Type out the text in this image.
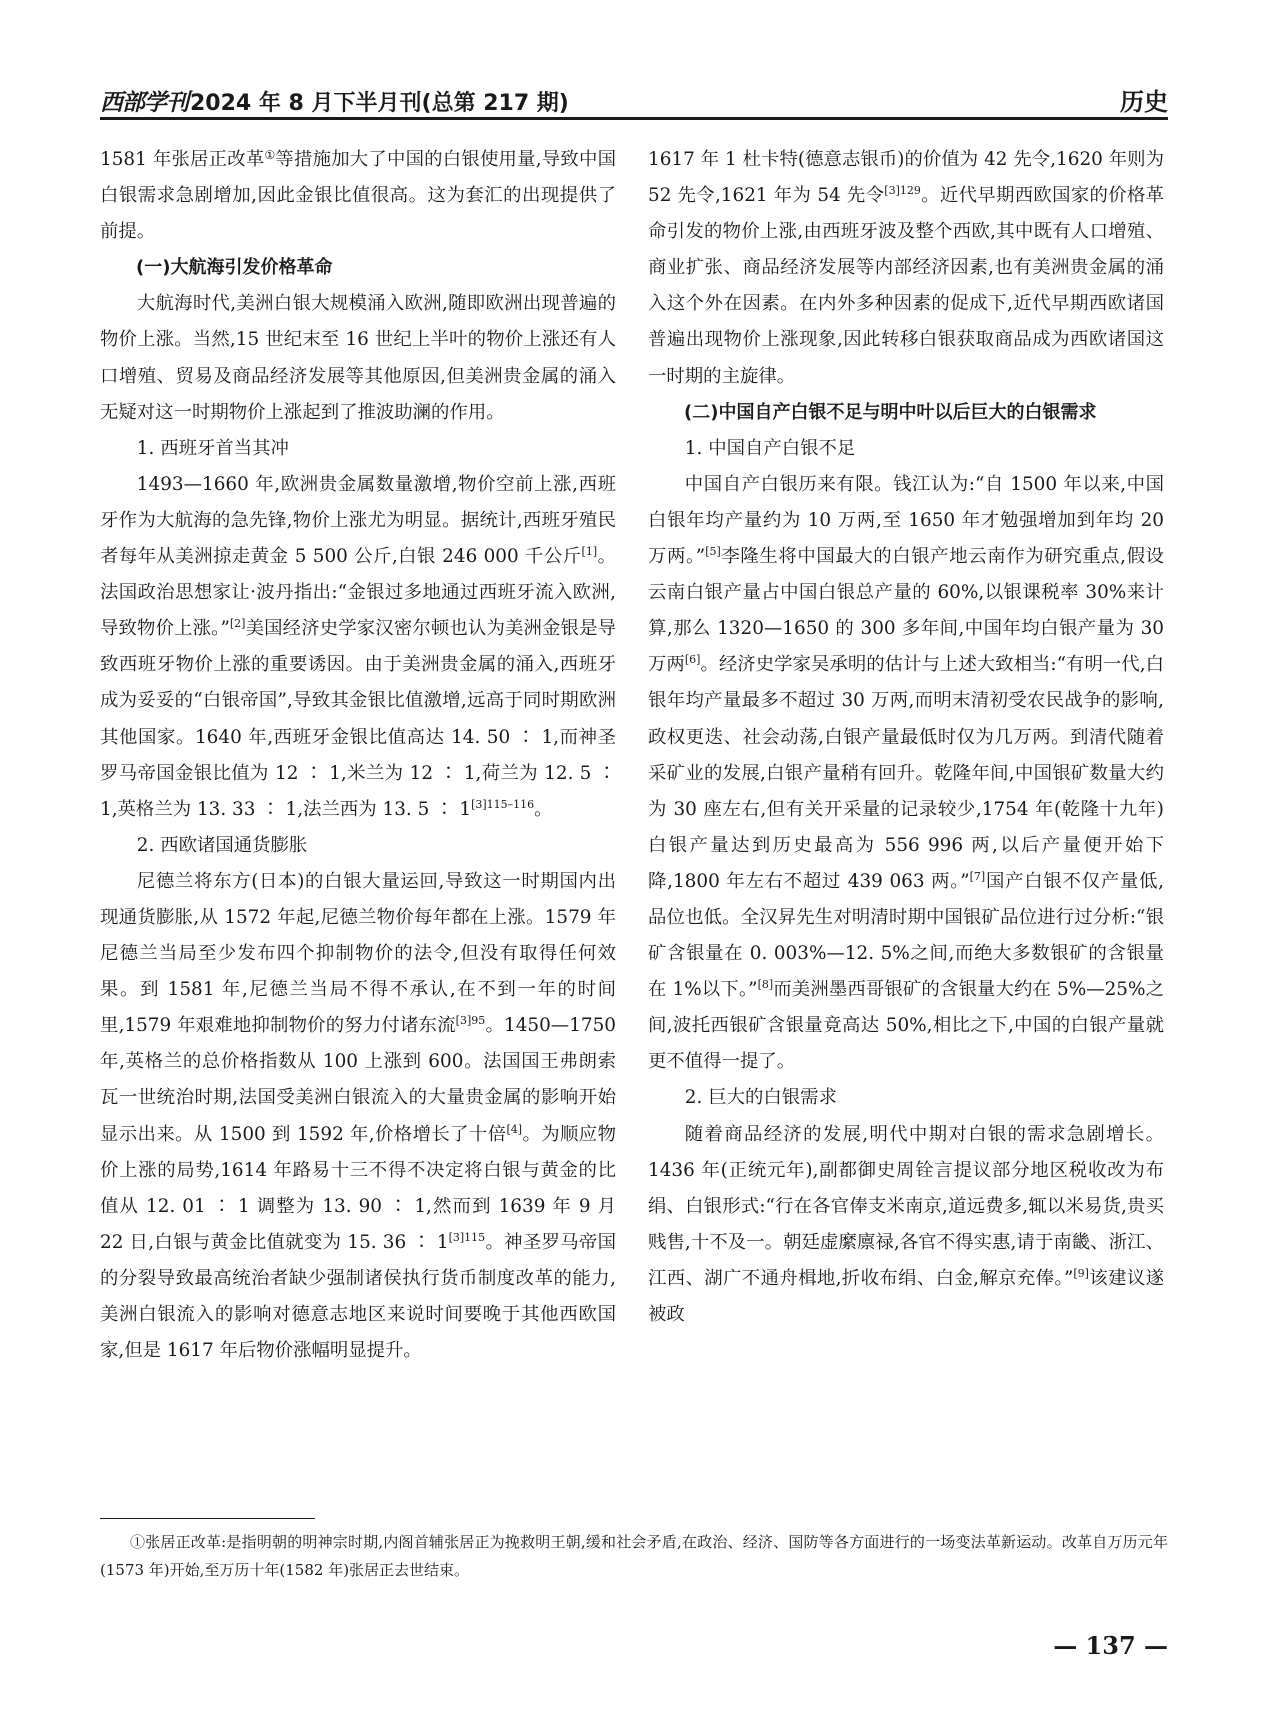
西部学刊 2024 年 8 月下半月刊(总第 217 期)	历史

1581 年张居正改革①等措施加大了中国的白银使用量,导致中国白银需求急剧增加,因此金银比值很高。这为套汇的出现提供了前提。

(一)大航海引发价格革命

大航海时代,美洲白银大规模涌入欧洲,随即欧洲出现普遍的物价上涨。当然,15 世纪末至 16 世纪上半叶的物价上涨还有人口增殖、贸易及商品经济发展等其他原因,但美洲贵金属的涌入无疑对这一时期物价上涨起到了推波助澜的作用。

1. 西班牙首当其冲

1493—1660 年,欧洲贵金属数量激增,物价空前上涨,西班牙作为大航海的急先锋,物价上涨尤为明显。据统计,西班牙殖民者每年从美洲掠走黄金 5 500 公斤,白银 246 000 千公斤[1]。法国政治思想家让·波丹指出:“金银过多地通过西班牙流入欧洲,导致物价上涨。”[2]美国经济史学家汉密尔顿也认为美洲金银是导致西班牙物价上涨的重要诱因。由于美洲贵金属的涌入,西班牙成为妥妥的“白银帝国”,导致其金银比值激增,远高于同时期欧洲其他国家。1640 年,西班牙金银比值高达 14. 50 ∶ 1,而神圣罗马帝国金银比值为 12 ∶ 1,米兰为 12 ∶ 1,荷兰为 12. 5 ∶ 1,英格兰为 13. 33 ∶ 1,法兰西为 13. 5 ∶ $1^{[3]115-116}$。

2. 西欧诸国通货膨胀

尼德兰将东方(日本)的白银大量运回,导致这一时期国内出现通货膨胀,从 1572 年起,尼德兰物价每年都在上涨。1579 年尼德兰当局至少发布四个抑制物价的法令,但没有取得任何效果。到 1581 年,尼德兰当局不得不承认,在不到一年的时间里,1579 年艰难地抑制物价的努力付诸东流$^{[3]95}$。1450—1750 年,英格兰的总价格指数从 100 上涨到 600。法国国王弗朗索瓦一世统治时期,法国受美洲白银流入的大量贵金属的影响开始显示出来。从 1500 到 1592 年,价格增长了十倍[4]。为顺应物价上涨的局势,1614 年路易十三不得不决定将白银与黄金的比值从 12. 01 ∶ 1 调整为 13. 90 ∶ 1,然而到 1639 年 9 月 22 日,白银与黄金比值就变为 15. 36 ∶ $1^{[3]115}$。神圣罗马帝国的分裂导致最高统治者缺少强制诸侯执行货币制度改革的能力,美洲白银流入的影响对德意志地区来说时间要晚于其他西欧国家,但是 1617 年后物价涨幅明显提升。

1617 年 1 杜卡特(德意志银币)的价值为 42 先令,1620 年则为 52 先令,1621 年为 54 先令$^{[3]129}$。近代早期西欧国家的价格革命引发的物价上涨,由西班牙波及整个西欧,其中既有人口增殖、商业扩张、商品经济发展等内部经济因素,也有美洲贵金属的涌入这个外在因素。在内外多种因素的促成下,近代早期西欧诸国普遍出现物价上涨现象,因此转移白银获取商品成为西欧诸国这一时期的主旋律。

(二)中国自产白银不足与明中叶以后巨大的白银需求

1. 中国自产白银不足

中国自产白银历来有限。钱江认为:“自 1500 年以来,中国白银年均产量约为 10 万两,至 1650 年才勉强增加到年均 20 万两。”[5]李隆生将中国最大的白银产地云南作为研究重点,假设云南白银产量占中国白银总产量的 60%,以银课税率 30%来计算,那么 1320—1650 的 300 多年间,中国年均白银产量为 30 万两[6]。经济史学家吴承明的估计与上述大致相当:“有明一代,白银年均产量最多不超过 30 万两,而明末清初受农民战争的影响,政权更迭、社会动荡,白银产量最低时仅为几万两。到清代随着采矿业的发展,白银产量稍有回升。乾隆年间,中国银矿数量大约为 30 座左右,但有关开采量的记录较少,1754 年(乾隆十九年)白银产量达到历史最高为 556 996 两,以后产量便开始下降,1800 年左右不超过 439 063 两。”[7]国产白银不仅产量低,品位也低。全汉昇先生对明清时期中国银矿品位进行过分析:“银矿含银量在 0. 003%—12. 5%之间,而绝大多数银矿的含银量在 1%以下。”[8]而美洲墨西哥银矿的含银量大约在 5%—25%之间,波托西银矿含银量竟高达 50%,相比之下,中国的白银产量就更不值得一提了。

2. 巨大的白银需求

随着商品经济的发展,明代中期对白银的需求急剧增长。1436 年(正统元年),副都御史周铨言提议部分地区税收改为布绢、白银形式:“行在各官俸支米南京,道远费多,辄以米易货,贵买贱售,十不及一。朝廷虚縻廪禄,各官不得实惠,请于南畿、浙江、江西、湖广不通舟楫地,折收布绢、白金,解京充俸。”[9]该建议遂被政

①张居正改革:是指明朝的明神宗时期,内阁首辅张居正为挽救明王朝,缓和社会矛盾,在政治、经济、国防等各方面进行的一场变法革新运动。改革自万历元年(1573 年)开始,至万历十年(1582 年)张居正去世结束。
— 137 —
